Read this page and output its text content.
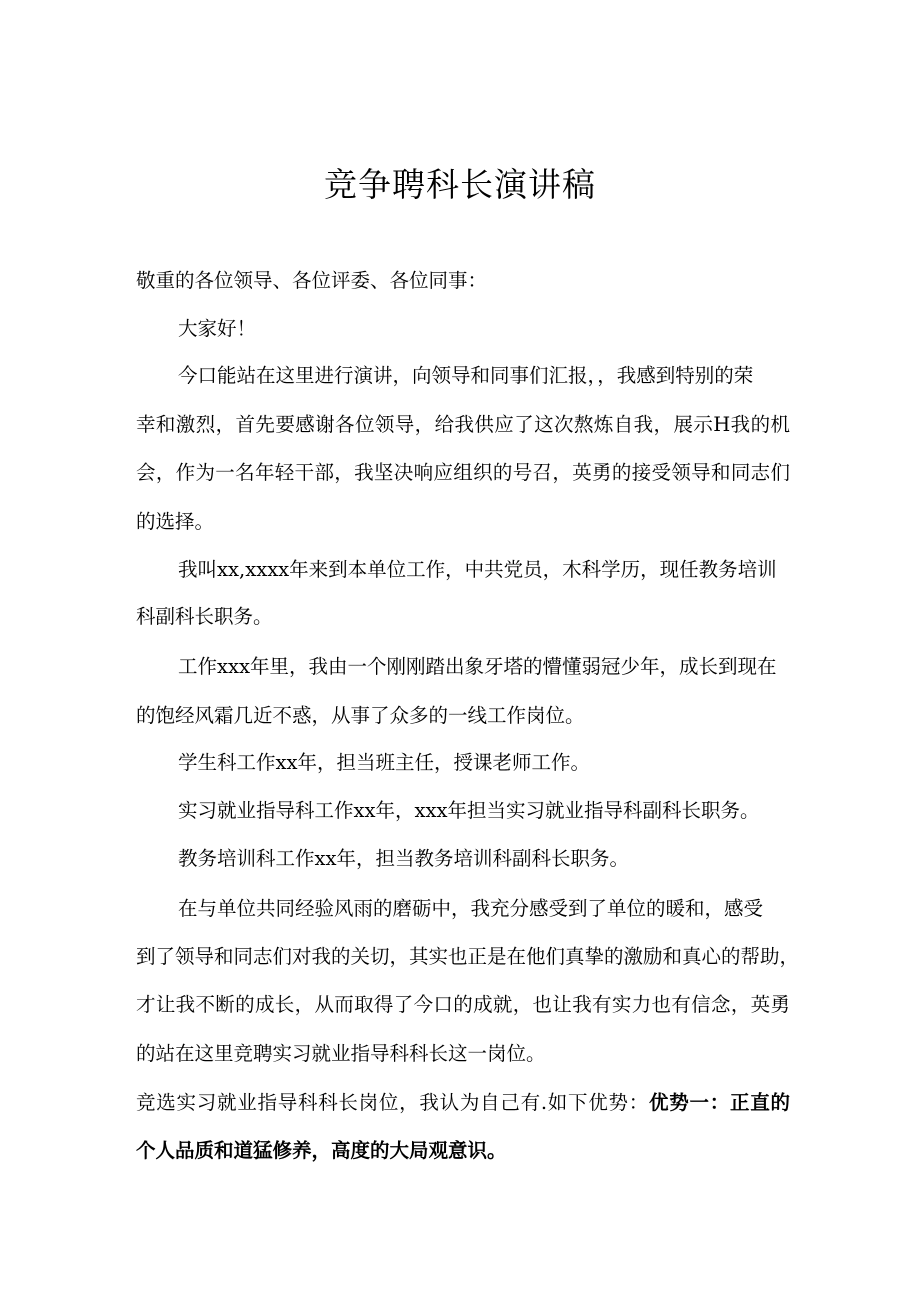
竞争聘科长演讲稿
敬重的各位领导、各位评委、各位同事：
大家好！
今口能站在这里进行演讲，向领导和同事们汇报，，我感到特别的荣
幸和激烈，首先要感谢各位领导，给我供应了这次熬炼自我，展示H我的机
会，作为一名年轻干部，我坚决响应组织的号召，英勇的接受领导和同志们
的选择。
我叫xx,xxxx年来到本单位工作，中共党员，木科学历，现任教务培训
科副科长职务。
工作xxx年里，我由一个刚刚踏出象牙塔的懵懂弱冠少年，成长到现在
的饱经风霜几近不惑，从事了众多的一线工作岗位。
学生科工作xx年，担当班主任，授课老师工作。
实习就业指导科工作xx年，xxx年担当实习就业指导科副科长职务。
教务培训科工作xx年，担当教务培训科副科长职务。
在与单位共同经验风雨的磨砺中，我充分感受到了单位的暖和，感受
到了领导和同志们对我的关切，其实也正是在他们真挚的激励和真心的帮助，
才让我不断的成长，从而取得了今口的成就，也让我有实力也有信念，英勇
的站在这里竞聘实习就业指导科科长这一岗位。
竞选实习就业指导科科长岗位，我认为自己有.如下优势：优势一：正直的
个人品质和道猛修养，高度的大局观意识。
